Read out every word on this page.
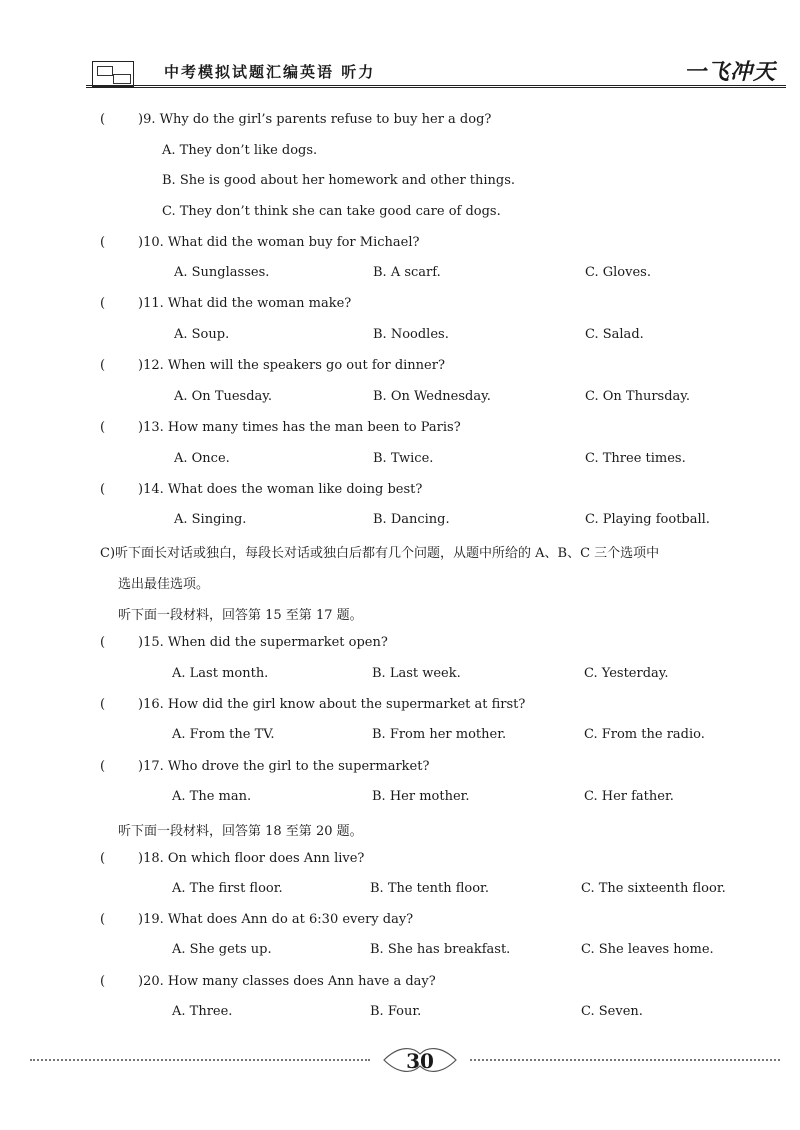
中考模拟试题汇编英语 听力	一飞冲天
(	)9. Why do the girl’s parents refuse to buy her a dog?
A. They don’t like dogs.
B. She is good about her homework and other things.
C. They don’t think she can take good care of dogs.
(	)10. What did the woman buy for Michael?
A. Sunglasses.	B. A scarf.	C. Gloves.
(	)11. What did the woman make?
A. Soup.	B. Noodles.	C. Salad.
(	)12. When will the speakers go out for dinner?
A. On Tuesday.	B. On Wednesday.	C. On Thursday.
(	)13. How many times has the man been to Paris?
A. Once.	B. Twice.	C. Three times.
(	)14. What does the woman like doing best?
A. Singing.	B. Dancing.	C. Playing football.
C)听下面长对话或独白，每段长对话或独白后都有几个问题，从题中所给的 A、B、C 三个选项中
选出最佳选项。
听下面一段材料，回答第 15 至第 17 题。
(	)15. When did the supermarket open?
A. Last month.	B. Last week.	C. Yesterday.
(	)16. How did the girl know about the supermarket at first?
A. From the TV.	B. From her mother.	C. From the radio.
(	)17. Who drove the girl to the supermarket?
A. The man.	B. Her mother.	C. Her father.
听下面一段材料，回答第 18 至第 20 题。
(	)18. On which floor does Ann live?
A. The first floor.	B. The tenth floor.	C. The sixteenth floor.
(	)19. What does Ann do at 6:30 every day?
A. She gets up.	B. She has breakfast.	C. She leaves home.
(	)20. How many classes does Ann have a day?
A. Three.	B. Four.	C. Seven.
30
